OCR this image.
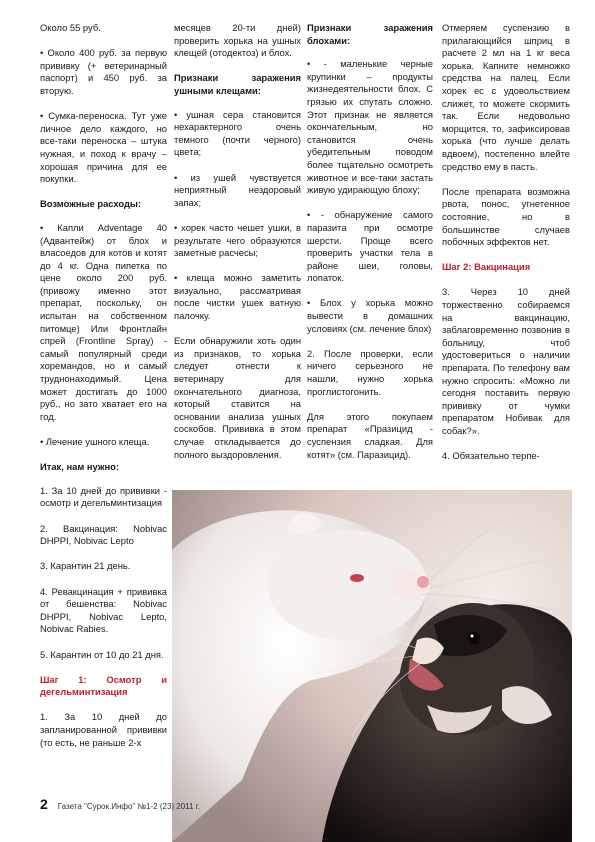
Около 55 руб.

• Около 400 руб. за первую прививку (+ ветеринарный паспорт) и 450 руб. за вторую.

• Сумка-переноска. Тут уже личное дело каждого, но все-таки переноска – штука нужная, и поход к врачу – хорошая причина для ее покупки.

Возможные расходы:

• Капли Adventage 40 (Адвантейж) от блох и власоедов для котов и котят до 4 кг. Одна пипетка по цене около 200 руб. (привожу именно этот препарат, поскольку, он испытан на собственном питомце) Или Фронтлайн спрей (Frontline Spray) - самый популярный среди хоремандов, но и самый труднонаходимый. Цена может достигать до 1000 руб., но зато хватает его на год.

• Лечение ушного клеща.

Итак, нам нужно:

1. За 10 дней до прививки - осмотр и дегельминтизация

2. Вакцинация: Nobivac DHPPI, Nobivac Lepto

3. Карантин 21 день.

4. Ревакцинация + прививка от бешенства: Nobivac DHPPI, Nobivac Lepto, Nobivac Rabies.

5. Карантин от 10 до 21 дня.

Шаг 1: Осмотр и дегельминтизация

1. За 10 дней до запланированной прививки (то есть, не раньше 2-х

месяцев 20-ти дней) проверить хорька на ушных клещей (отодектоз) и блох.

Признаки заражения ушными клещами:

• ушная сера становится нехарактерного очень темного (почти черного) цвета;

• из ушей чувствуется неприятный нездоровый запах;

• хорек часто чешет ушки, в результате чего образуются заметные расчесы;

• клеща можно заметить визуально, рассматривая после чистки ушек ватную палочку.

Если обнаружили хоть один из признаков, то хорька следует отнести к ветеринару для окончательного диагноза, который ставится на основании анализа ушных соскобов. Прививка в этом случае откладывается до полного выздоровления.

Признаки заражения блохами:

• - маленькие черные крупинки – продукты жизнедеятельности блох. С грязью их спутать сложно. Этот признак не является окончательным, но становится очень убедительным поводом более тщательно осмотреть животное и все-таки застать живую удирающую блоху;

• - обнаружение самого паразита при осмотре шерсти. Проще всего проверить участки тела в районе шеи, головы, лопаток.

• Блох у хорька можно вывести в домашних условиях (см. лечение блох)

2. После проверки, если ничего серьезного не нашли, нужно хорька проглистогонить.

Для этого покупаем препарат «Празицид - суспензия сладкая. Для котят» (см. Паразицид).

Отмеряем суспензию в прилагающийся шприц в расчете 2 мл на 1 кг веса хорька. Капните немножко средства на палец. Если хорек ес с удовольствием слижет, то можете скормить так. Если недовольно морщится, то, зафиксировав хорька (что лучше делать вдвоем), постепенно влейте средство ему в пасть.

После препарата возможна рвота, понос, угнетенное состояние, но в большинстве случаев побочных эффектов нет.

Шаг 2: Вакцинация

3. Через 10 дней торжественно собираемся на вакцинацию, заблаговременно позвонив в больницу, чтоб удостовериться о наличии препарата. По телефону вам нужно спросить: «Можно ли сегодня поставить первую прививку от чумки препаратом Нобивак для собак?».

4. Обязательно терпе-

2 Газета "Сурок.Инфо" №1-2 (23) 2011 г.
